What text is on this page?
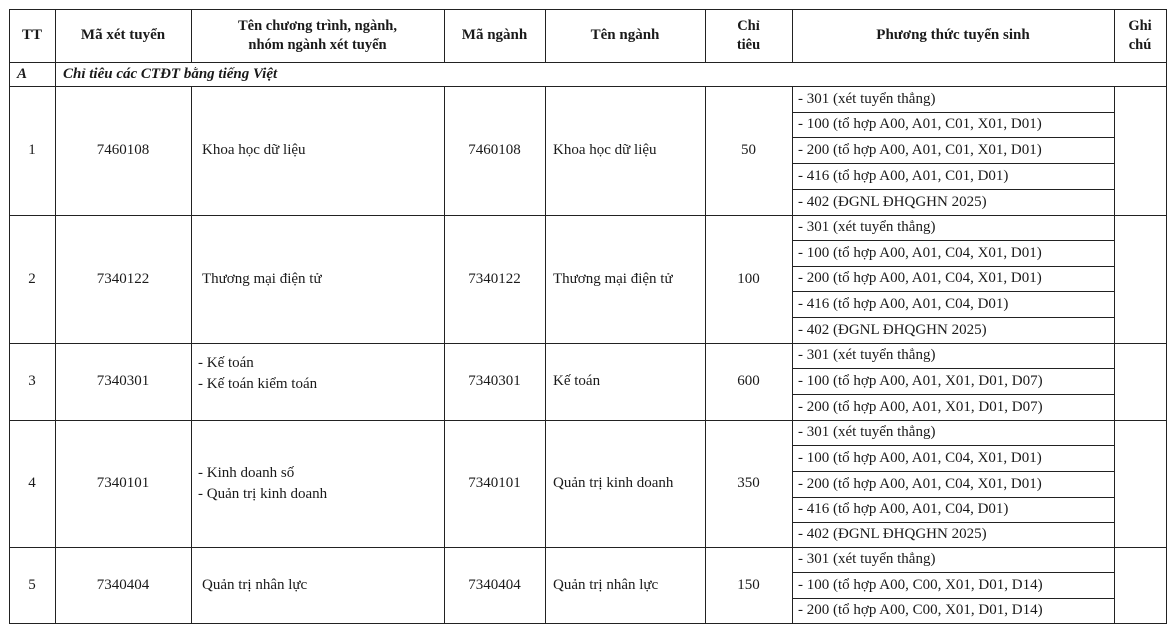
TT	Mã xét tuyển
Tên chương trình, ngành,
nhóm ngành xét tuyển
Mã ngành	Tên ngành
Chỉ
tiêu
Phương thức tuyển sinh
Ghi
chú
A	Chỉ tiêu các CTĐT bằng tiếng Việt
1	7460108	Khoa học dữ liệu	7460108	Khoa học dữ liệu	50
- 301 (xét tuyển thẳng)
- 100 (tổ hợp A00, A01, C01, X01, D01)
- 200 (tổ hợp A00, A01, C01, X01, D01)
- 416 (tổ hợp A00, A01, C01, D01)
- 402 (ĐGNL ĐHQGHN 2025)
2	7340122	Thương mại điện tử	7340122	Thương mại điện tử	100
- 301 (xét tuyển thẳng)
- 100 (tổ hợp A00, A01, C04, X01, D01)
- 200 (tổ hợp A00, A01, C04, X01, D01)
- 416 (tổ hợp A00, A01, C04, D01)
- 402 (ĐGNL ĐHQGHN 2025)
3	7340301
- Kế toán
- Kế toán kiểm toán	7340301	Kế toán	600
- 301 (xét tuyển thẳng)
- 100 (tổ hợp A00, A01, X01, D01, D07)
- 200 (tổ hợp A00, A01, X01, D01, D07)
4	7340101
- Kinh doanh số
- Quản trị kinh doanh
7340101	Quản trị kinh doanh	350
- 301 (xét tuyển thẳng)
- 100 (tổ hợp A00, A01, C04, X01, D01)
- 200 (tổ hợp A00, A01, C04, X01, D01)
- 416 (tổ hợp A00, A01, C04, D01)
- 402 (ĐGNL ĐHQGHN 2025)
5	7340404	Quản trị nhân lực	7340404	Quản trị nhân lực	150
- 301 (xét tuyển thẳng)
- 100 (tổ hợp A00, C00, X01, D01, D14)
- 200 (tổ hợp A00, C00, X01, D01, D14)
